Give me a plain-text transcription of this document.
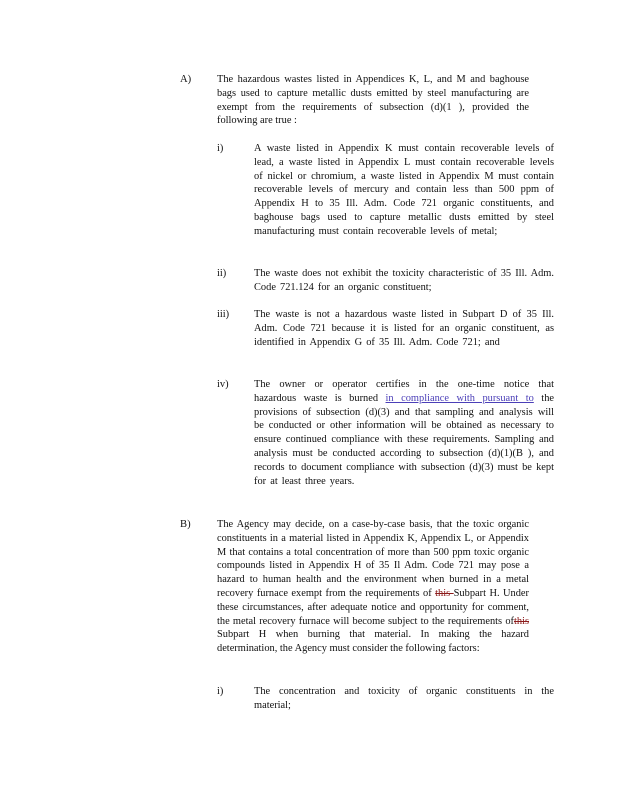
A) The hazardous wastes listed in Appendices K, L, and M and baghouse bags used to capture metallic dusts emitted by steel manufacturing are exempt from the requirements of subsection (d)(1 ), provided the following are true :
i)	A waste listed in Appendix K must contain recoverable levels of lead, a waste listed in Appendix L must contain recoverable levels of nickel or chromium, a waste listed in Appendix M must contain recoverable levels of mercury and contain less than 500 ppm of Appendix H to 35 Ill. Adm. Code 721 organic constituents, and baghouse bags used to capture metallic dusts emitted by steel manufacturing must contain recoverable levels of metal;
ii)	The waste does not exhibit the toxicity characteristic of 35 Ill. Adm. Code 721.124 for an organic constituent;
iii) The waste is not a hazardous waste listed in Subpart D of 35 Ill. Adm. Code 721 because it is listed for an organic constituent, as identified in Appendix G of 35 Ill. Adm. Code 721; and
iv) The owner or operator certifies in the one-time notice that hazardous waste is burned in compliance with pursuant to the provisions of subsection (d)(3) and that sampling and analysis will be conducted or other information will be obtained as necessary to ensure continued compliance with these requirements. Sampling and analysis must be conducted according to subsection (d)(1)(B ), and records to document compliance with subsection (d)(3) must be kept for at least three years.
B)	The Agency may decide, on a case-by-case basis, that the toxic organic constituents in a material listed in Appendix K, Appendix L, or Appendix M that contains a total concentration of more than 500 ppm toxic organic compounds listed in Appendix H of 35 Il Adm. Code 721 may pose a hazard to human health and the environment when burned in a metal recovery furnace exempt from the requirements of this Subpart H. Under these circumstances, after adequate notice and opportunity for comment, the metal recovery furnace will become subject to the requirements ofthis Subpart H when burning that material. In making the hazard determination, the Agency must consider the following factors:
i)	The concentration and toxicity of organic constituents in the material;
